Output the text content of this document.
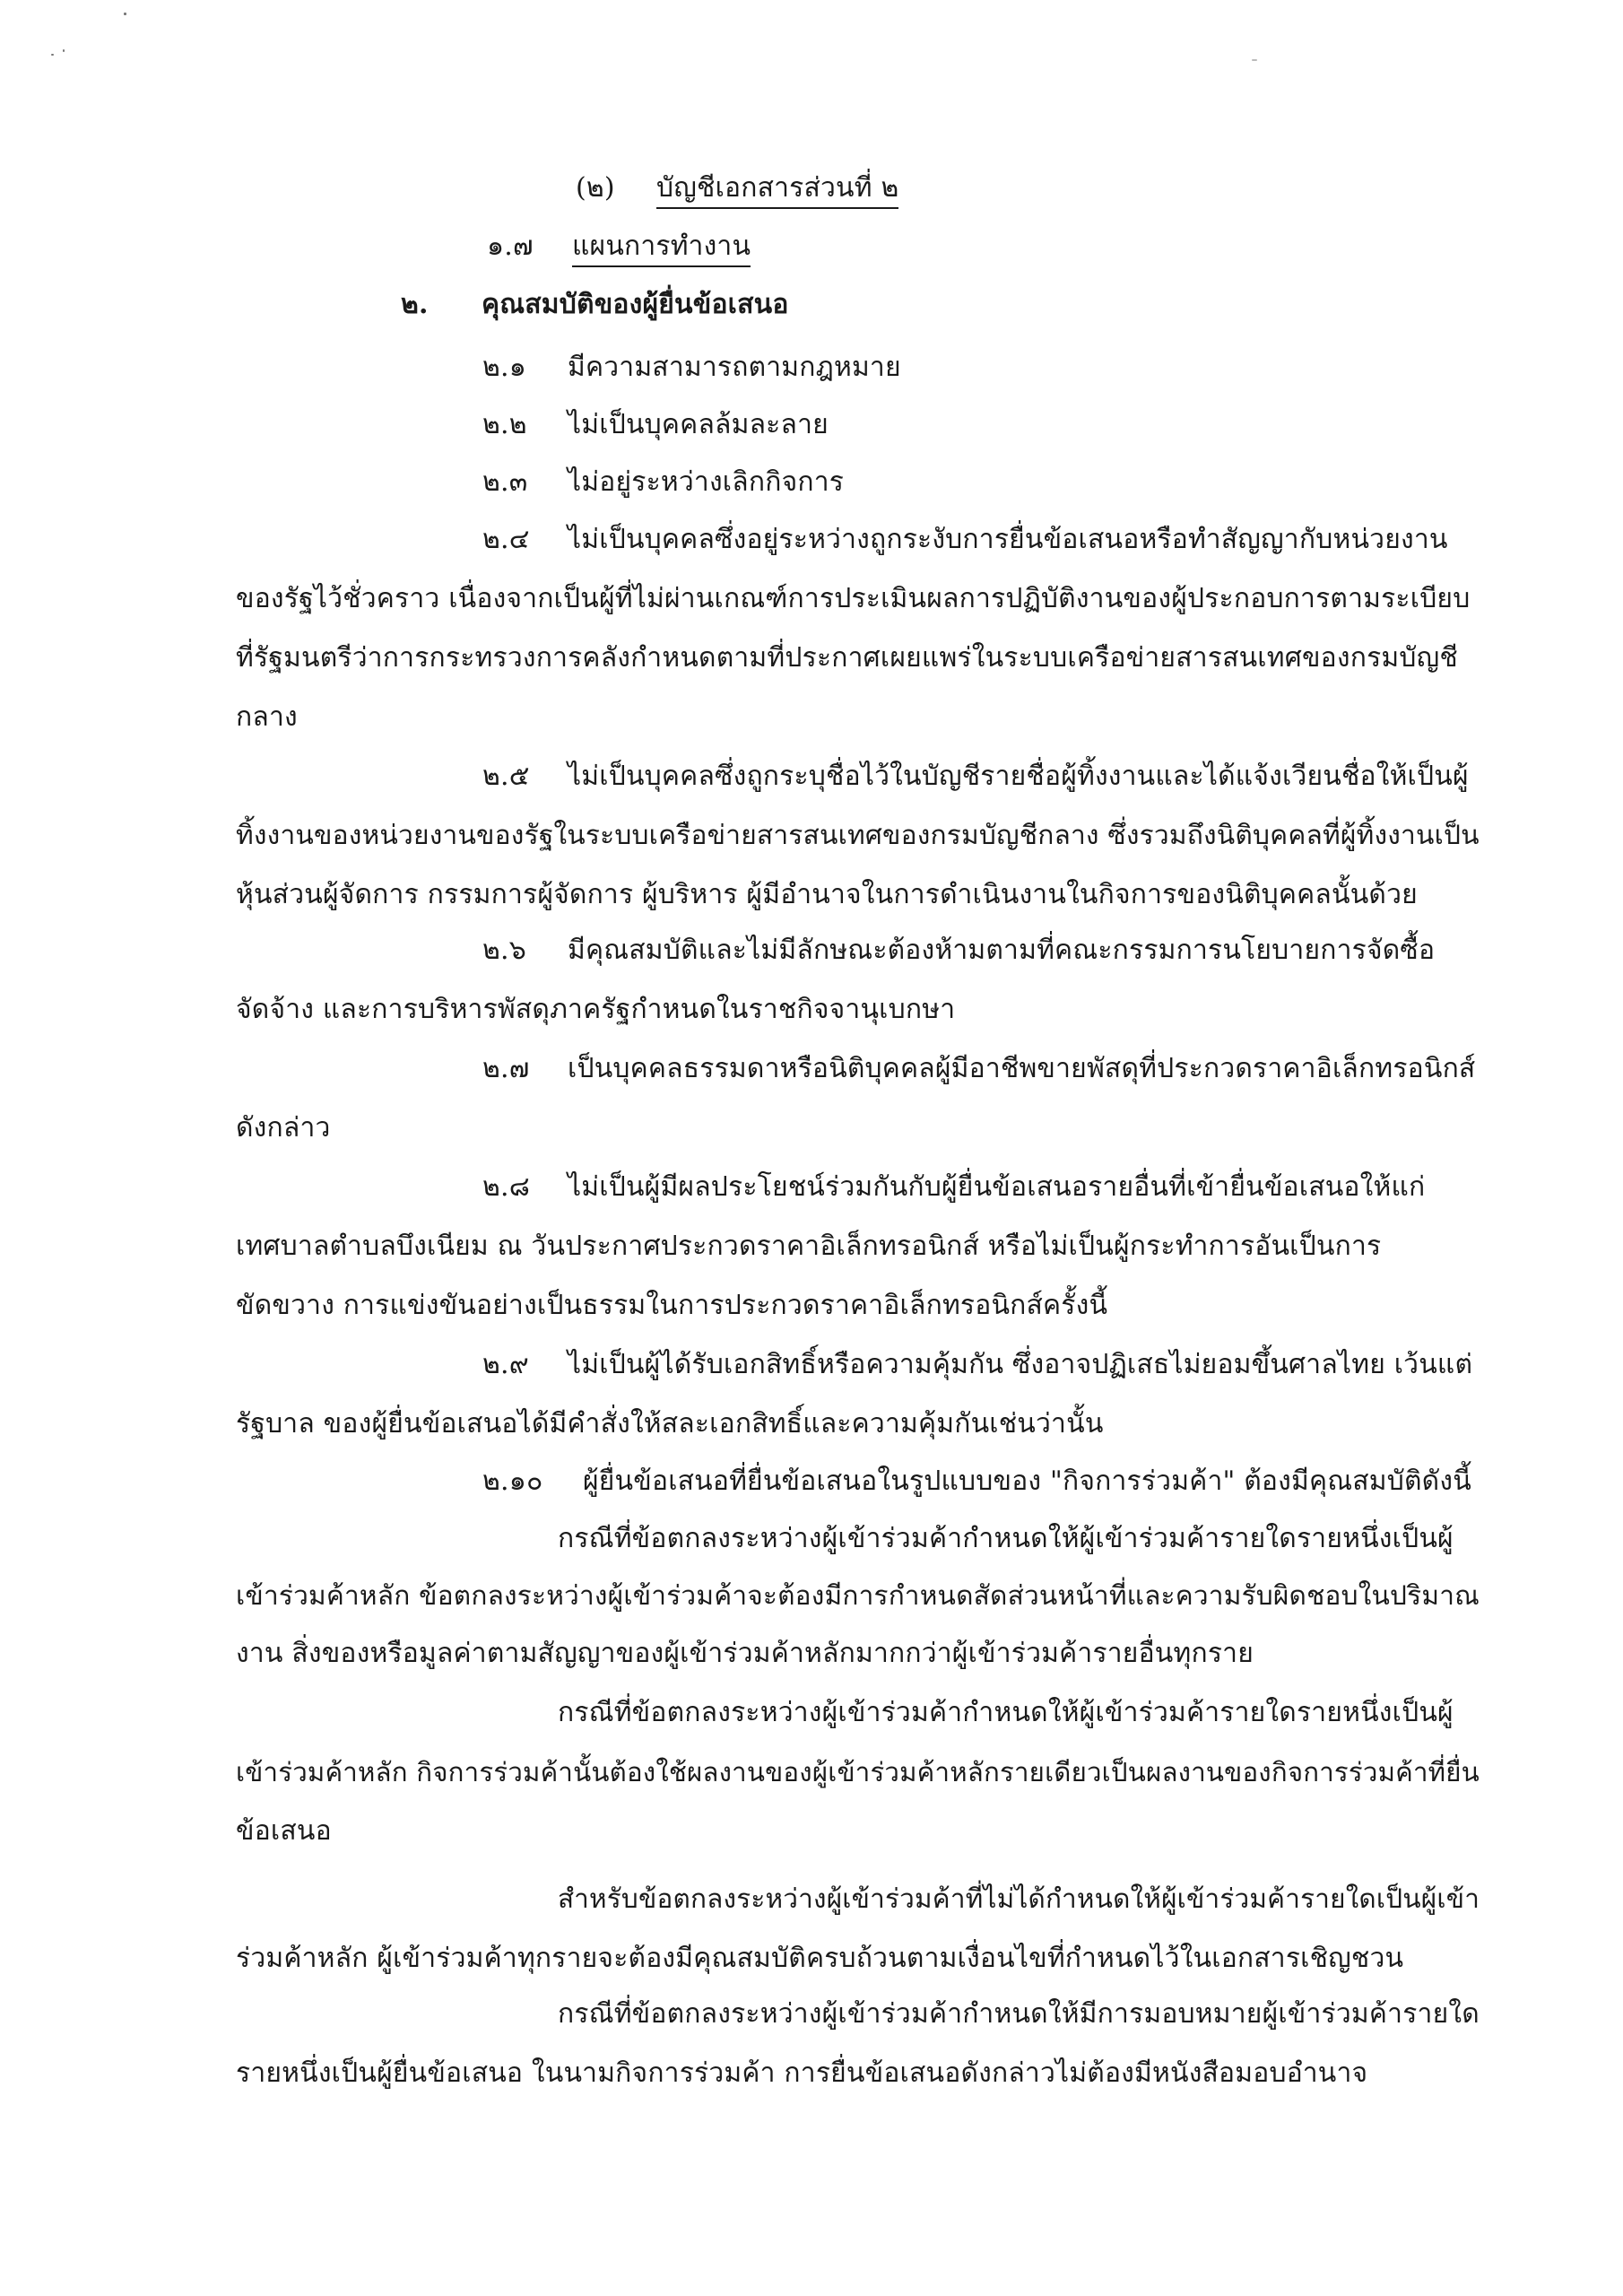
(๒) บัญชีเอกสารส่วนที่ ๒
๑.๗ แผนการทำงาน
๒. คุณสมบัติของผู้ยื่นข้อเสนอ
๒.๑ มีความสามารถตามกฎหมาย
๒.๒ ไม่เป็นบุคคลล้มละลาย
๒.๓ ไม่อยู่ระหว่างเลิกกิจการ
๒.๔ ไม่เป็นบุคคลซึ่งอยู่ระหว่างถูกระงับการยื่นข้อเสนอหรือทำสัญญากับหน่วยงาน
ของรัฐไว้ชั่วคราว เนื่องจากเป็นผู้ที่ไม่ผ่านเกณฑ์การประเมินผลการปฏิบัติงานของผู้ประกอบการตามระเบียบ
ที่รัฐมนตรีว่าการกระทรวงการคลังกำหนดตามที่ประกาศเผยแพร่ในระบบเครือข่ายสารสนเทศของกรมบัญชี
กลาง
๒.๕ ไม่เป็นบุคคลซึ่งถูกระบุชื่อไว้ในบัญชีรายชื่อผู้ทิ้งงานและได้แจ้งเวียนชื่อให้เป็นผู้
ทิ้งงานของหน่วยงานของรัฐในระบบเครือข่ายสารสนเทศของกรมบัญชีกลาง ซึ่งรวมถึงนิติบุคคลที่ผู้ทิ้งงานเป็น
หุ้นส่วนผู้จัดการ กรรมการผู้จัดการ ผู้บริหาร ผู้มีอำนาจในการดำเนินงานในกิจการของนิติบุคคลนั้นด้วย
๒.๖ มีคุณสมบัติและไม่มีลักษณะต้องห้ามตามที่คณะกรรมการนโยบายการจัดซื้อ
จัดจ้าง และการบริหารพัสดุภาครัฐกำหนดในราชกิจจานุเบกษา
๒.๗ เป็นบุคคลธรรมดาหรือนิติบุคคลผู้มีอาชีพขายพัสดุที่ประกวดราคาอิเล็กทรอนิกส์
ดังกล่าว
๒.๘ ไม่เป็นผู้มีผลประโยชน์ร่วมกันกับผู้ยื่นข้อเสนอรายอื่นที่เข้ายื่นข้อเสนอให้แก่
เทศบาลตำบลบึงเนียม ณ วันประกาศประกวดราคาอิเล็กทรอนิกส์ หรือไม่เป็นผู้กระทำการอันเป็นการ
ขัดขวาง การแข่งขันอย่างเป็นธรรมในการประกวดราคาอิเล็กทรอนิกส์ครั้งนี้
๒.๙ ไม่เป็นผู้ได้รับเอกสิทธิ์หรือความคุ้มกัน ซึ่งอาจปฏิเสธไม่ยอมขึ้นศาลไทย เว้นแต่
รัฐบาล ของผู้ยื่นข้อเสนอได้มีคำสั่งให้สละเอกสิทธิ์และความคุ้มกันเช่นว่านั้น
๒.๑๐ ผู้ยื่นข้อเสนอที่ยื่นข้อเสนอในรูปแบบของ "กิจการร่วมค้า" ต้องมีคุณสมบัติดังนี้
กรณีที่ข้อตกลงระหว่างผู้เข้าร่วมค้ากำหนดให้ผู้เข้าร่วมค้ารายใดรายหนึ่งเป็นผู้
เข้าร่วมค้าหลัก ข้อตกลงระหว่างผู้เข้าร่วมค้าจะต้องมีการกำหนดสัดส่วนหน้าที่และความรับผิดชอบในปริมาณ
งาน สิ่งของหรือมูลค่าตามสัญญาของผู้เข้าร่วมค้าหลักมากกว่าผู้เข้าร่วมค้ารายอื่นทุกราย
กรณีที่ข้อตกลงระหว่างผู้เข้าร่วมค้ากำหนดให้ผู้เข้าร่วมค้ารายใดรายหนึ่งเป็นผู้
เข้าร่วมค้าหลัก กิจการร่วมค้านั้นต้องใช้ผลงานของผู้เข้าร่วมค้าหลักรายเดียวเป็นผลงานของกิจการร่วมค้าที่ยื่น
ข้อเสนอ
สำหรับข้อตกลงระหว่างผู้เข้าร่วมค้าที่ไม่ได้กำหนดให้ผู้เข้าร่วมค้ารายใดเป็นผู้เข้า
ร่วมค้าหลัก ผู้เข้าร่วมค้าทุกรายจะต้องมีคุณสมบัติครบถ้วนตามเงื่อนไขที่กำหนดไว้ในเอกสารเชิญชวน
กรณีที่ข้อตกลงระหว่างผู้เข้าร่วมค้ากำหนดให้มีการมอบหมายผู้เข้าร่วมค้ารายใด
รายหนึ่งเป็นผู้ยื่นข้อเสนอ ในนามกิจการร่วมค้า การยื่นข้อเสนอดังกล่าวไม่ต้องมีหนังสือมอบอำนาจ
